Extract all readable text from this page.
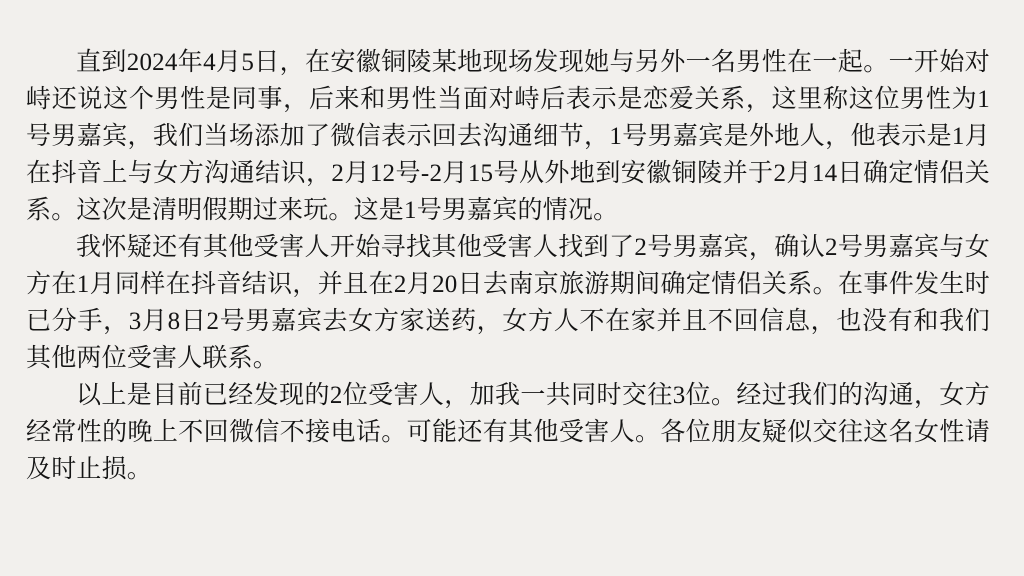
直到2024年4月5日，在安徽铜陵某地现场发现她与另外一名男性在一起。一开始对峙还说这个男性是同事，后来和男性当面对峙后表示是恋爱关系，这里称这位男性为1号男嘉宾，我们当场添加了微信表示回去沟通细节，1号男嘉宾是外地人，他表示是1月在抖音上与女方沟通结识，2月12号-2月15号从外地到安徽铜陵并于2月14日确定情侣关系。这次是清明假期过来玩。这是1号男嘉宾的情况。

我怀疑还有其他受害人开始寻找其他受害人找到了2号男嘉宾，确认2号男嘉宾与女方在1月同样在抖音结识，并且在2月20日去南京旅游期间确定情侣关系。在事件发生时已分手，3月8日2号男嘉宾去女方家送药，女方人不在家并且不回信息，也没有和我们其他两位受害人联系。

以上是目前已经发现的2位受害人，加我一共同时交往3位。经过我们的沟通，女方经常性的晚上不回微信不接电话。可能还有其他受害人。各位朋友疑似交往这名女性请及时止损。
